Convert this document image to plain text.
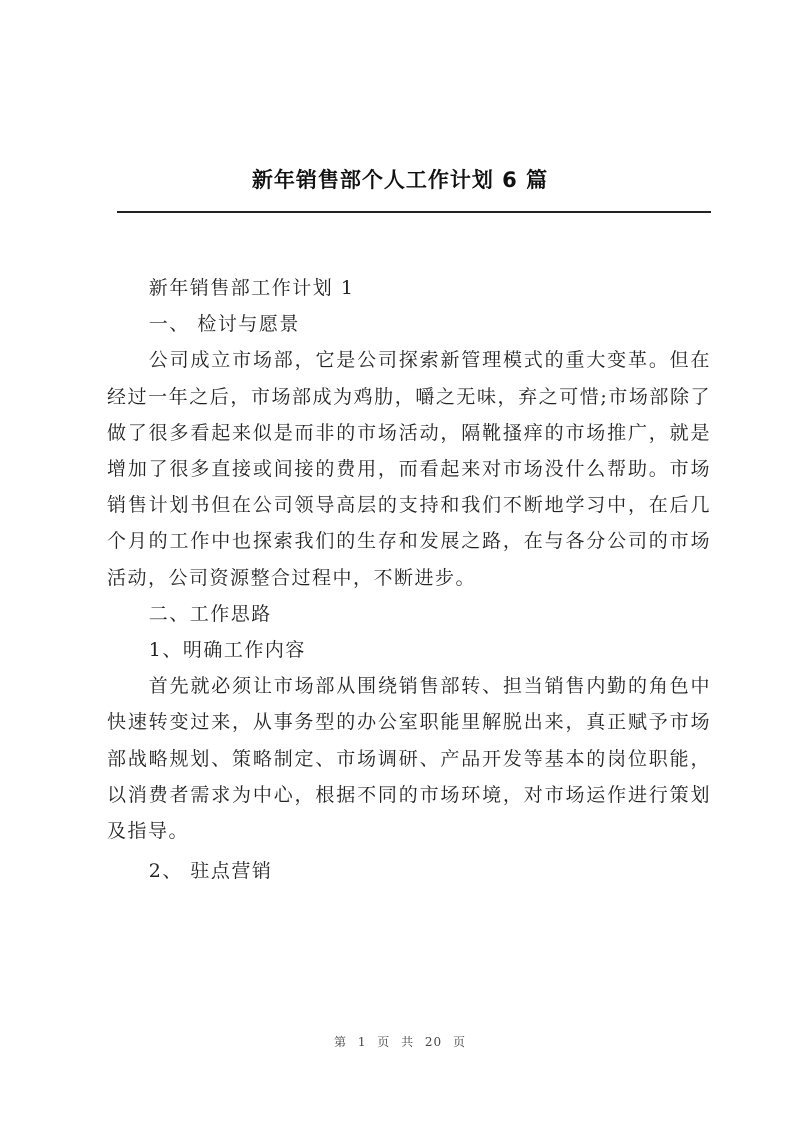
新年销售部个人工作计划 6 篇

新年销售部工作计划 1

一、 检讨与愿景

公司成立市场部，它是公司探索新管理模式的重大变革。但在经过一年之后，市场部成为鸡肋，嚼之无味，弃之可惜;市场部除了做了很多看起来似是而非的市场活动，隔靴搔痒的市场推广，就是增加了很多直接或间接的费用，而看起来对市场没什么帮助。市场销售计划书但在公司领导高层的支持和我们不断地学习中，在后几个月的工作中也探索我们的生存和发展之路，在与各分公司的市场活动，公司资源整合过程中，不断进步。

二、工作思路

1、明确工作内容

首先就必须让市场部从围绕销售部转、担当销售内勤的角色中快速转变过来，从事务型的办公室职能里解脱出来，真正赋予市场部战略规划、策略制定、市场调研、产品开发等基本的岗位职能，以消费者需求为中心，根据不同的市场环境，对市场运作进行策划及指导。

2、 驻点营销

第 1 页 共 20 页
